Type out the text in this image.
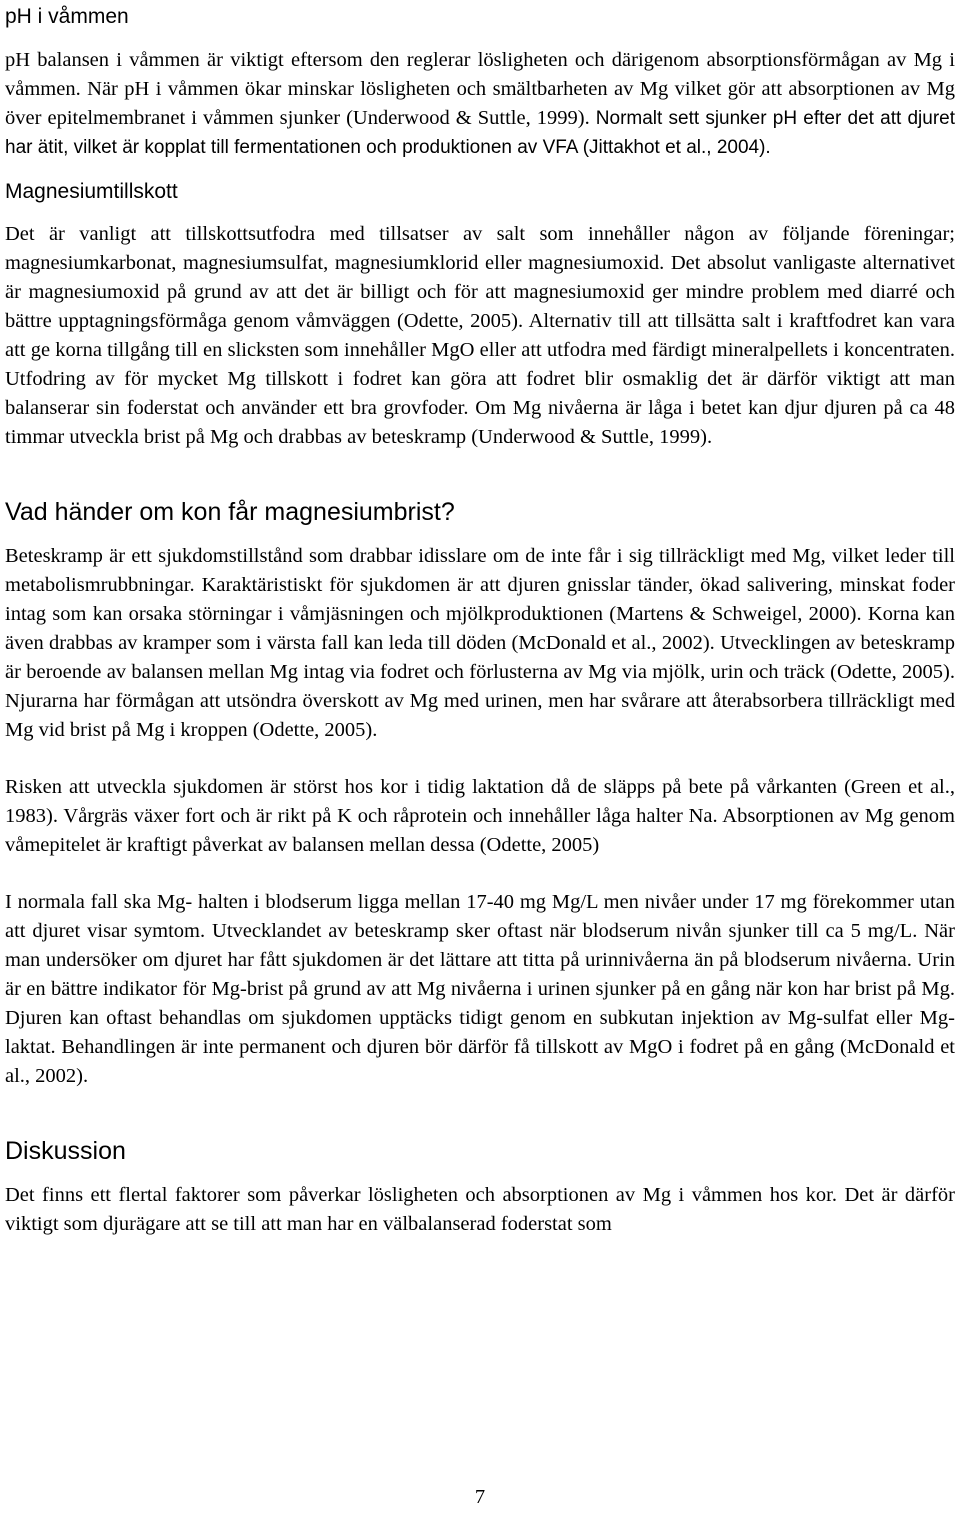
pH i våmmen

pH balansen i våmmen är viktigt eftersom den reglerar lösligheten och därigenom absorptionsförmågan av Mg i våmmen. När pH i våmmen ökar minskar lösligheten och smältbarheten av Mg vilket gör att absorptionen av Mg över epitelmembranet i våmmen sjunker (Underwood & Suttle, 1999). Normalt sett sjunker pH efter det att djuret har ätit, vilket är kopplat till fermentationen och produktionen av VFA (Jittakhot et al., 2004).

Magnesiumtillskott

Det är vanligt att tillskottsutfodra med tillsatser av salt som innehåller någon av följande föreningar; magnesiumkarbonat, magnesiumsulfat, magnesiumklorid eller magnesiumoxid. Det absolut vanligaste alternativet är magnesiumoxid på grund av att det är billigt och för att magnesiumoxid ger mindre problem med diarré och bättre upptagningsförmåga genom våmväggen (Odette, 2005). Alternativ till att tillsätta salt i kraftfodret kan vara att ge korna tillgång till en slicksten som innehåller MgO eller att utfodra med färdigt mineralpellets i koncentraten. Utfodring av för mycket Mg tillskott i fodret kan göra att fodret blir osmaklig det är därför viktigt att man balanserar sin foderstat och använder ett bra grovfoder. Om Mg nivåerna är låga i betet kan djur djuren på ca 48 timmar utveckla brist på Mg och drabbas av beteskramp (Underwood & Suttle, 1999).

Vad händer om kon får magnesiumbrist?

Beteskramp är ett sjukdomstillstånd som drabbar idisslare om de inte får i sig tillräckligt med Mg, vilket leder till metabolismrubbningar. Karaktäristiskt för sjukdomen är att djuren gnisslar tänder, ökad salivering, minskat foder intag som kan orsaka störningar i våmjäsningen och mjölkproduktionen (Martens & Schweigel, 2000). Korna kan även drabbas av kramper som i värsta fall kan leda till döden (McDonald et al., 2002). Utvecklingen av beteskramp är beroende av balansen mellan Mg intag via fodret och förlusterna av Mg via mjölk, urin och träck (Odette, 2005). Njurarna har förmågan att utsöndra överskott av Mg med urinen, men har svårare att återabsorbera tillräckligt med Mg vid brist på Mg i kroppen (Odette, 2005).

Risken att utveckla sjukdomen är störst hos kor i tidig laktation då de släpps på bete på vårkanten (Green et al., 1983). Vårgräs växer fort och är rikt på K och råprotein och innehåller låga halter Na. Absorptionen av Mg genom våmepitelet är kraftigt påverkat av balansen mellan dessa (Odette, 2005)

I normala fall ska Mg- halten i blodserum ligga mellan 17-40 mg Mg/L men nivåer under 17 mg förekommer utan att djuret visar symtom. Utvecklandet av beteskramp sker oftast när blodserum nivån sjunker till ca 5 mg/L. När man undersöker om djuret har fått sjukdomen är det lättare att titta på urinnivåerna än på blodserum nivåerna. Urin är en bättre indikator för Mg-brist på grund av att Mg nivåerna i urinen sjunker på en gång när kon har brist på Mg. Djuren kan oftast behandlas om sjukdomen upptäcks tidigt genom en subkutan injektion av Mg-sulfat eller Mg-laktat. Behandlingen är inte permanent och djuren bör därför få tillskott av MgO i fodret på en gång (McDonald et al., 2002).

Diskussion

Det finns ett flertal faktorer som påverkar lösligheten och absorptionen av Mg i våmmen hos kor. Det är därför viktigt som djurägare att se till att man har en välbalanserad foderstat som

7
